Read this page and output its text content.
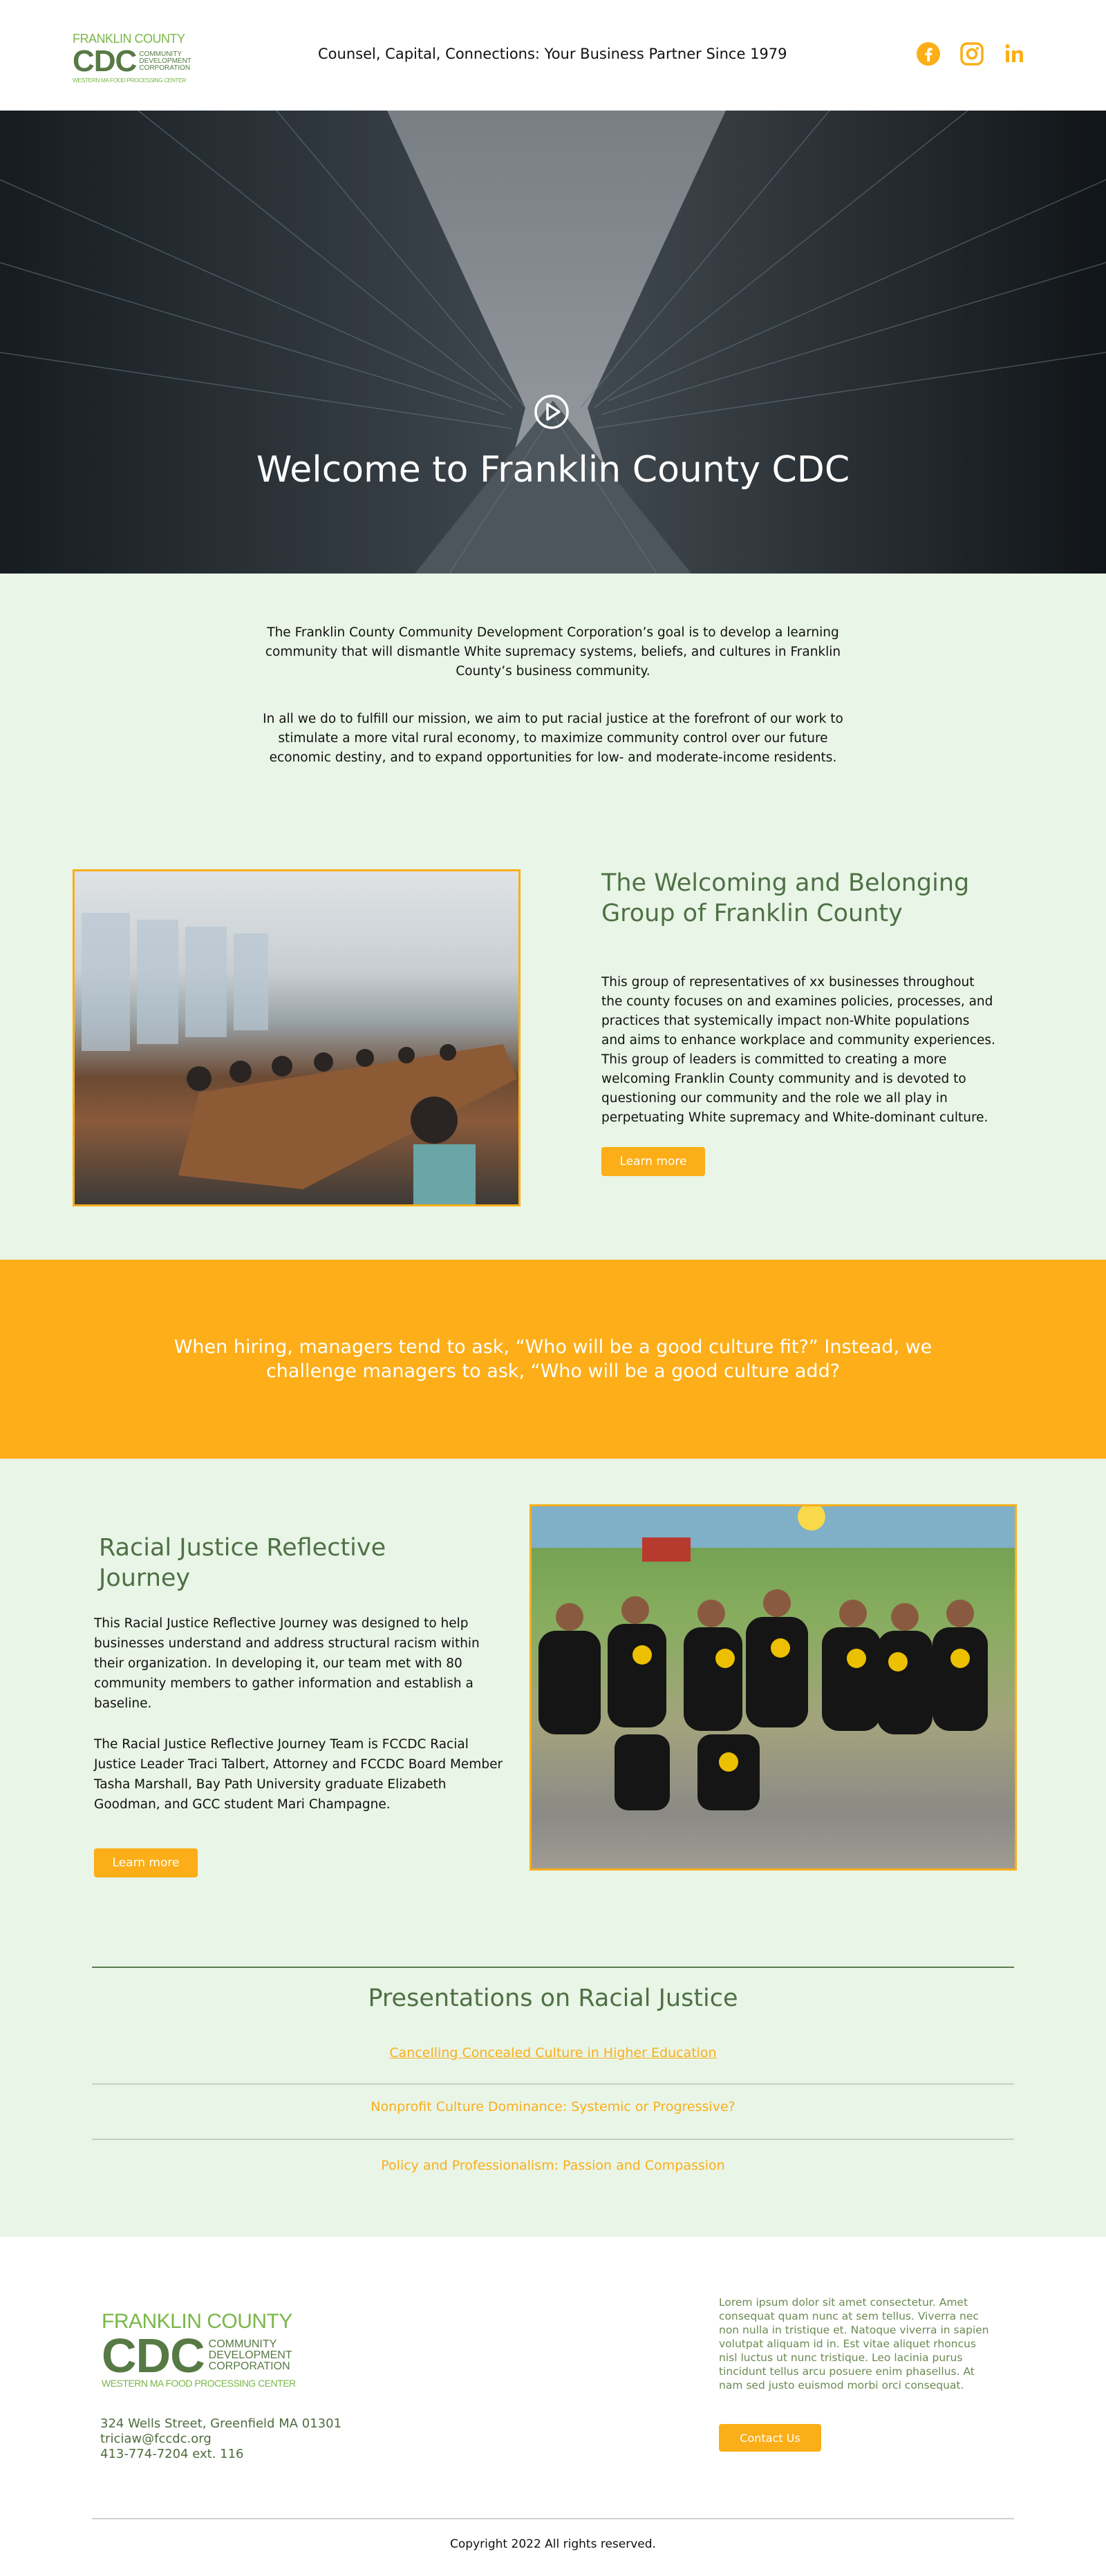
FRANKLIN COUNTY
CDC COMMUNITY
DEVELOPMENT
CORPORATION
WESTERN MA FOOD PROCESSING CENTER
Counsel, Capital, Connections: Your Business Partner Since 1979
Welcome to Franklin County CDC

The Franklin County Community Development Corporation’s goal is to develop a learning community that will dismantle White supremacy systems, beliefs, and cultures in Franklin County’s business community.

In all we do to fulfill our mission, we aim to put racial justice at the forefront of our work to stimulate a more vital rural economy, to maximize community control over our future economic destiny, and to expand opportunities for low- and moderate-income residents.

The Welcoming and Belonging Group of Franklin County

This group of representatives of xx businesses throughout the county focuses on and examines policies, processes, and practices that systemically impact non-White populations and aims to enhance workplace and community experiences. This group of leaders is committed to creating a more welcoming Franklin County community and is devoted to questioning our community and the role we all play in perpetuating White supremacy and White-dominant culture.

Learn more

When hiring, managers tend to ask, “Who will be a good culture fit?” Instead, we challenge managers to ask, “Who will be a good culture add?

Racial Justice Reflective Journey

This Racial Justice Reflective Journey was designed to help businesses understand and address structural racism within their organization. In developing it, our team met with 80 community members to gather information and establish a baseline.

The Racial Justice Reflective Journey Team is FCCDC Racial Justice Leader Traci Talbert, Attorney and FCCDC Board Member Tasha Marshall, Bay Path University graduate Elizabeth Goodman, and GCC student Mari Champagne.

Learn more
Presentations on Racial Justice
Cancelling Concealed Culture in Higher Education
Nonprofit Culture Dominance: Systemic or Progressive?
Policy and Professionalism: Passion and Compassion
FRANKLIN COUNTY
CDC COMMUNITY
DEVELOPMENT
CORPORATION
WESTERN MA FOOD PROCESSING CENTER
324 Wells Street, Greenfield MA 01301
triciaw@fccdc.org
413-774-7204 ext. 116

Lorem ipsum dolor sit amet consectetur. Amet consequat quam nunc at sem tellus. Viverra nec non nulla in tristique et. Natoque viverra in sapien volutpat aliquam id in. Est vitae aliquet rhoncus nisl luctus ut nunc tristique. Leo lacinia purus tincidunt tellus arcu posuere enim phasellus. At nam sed justo euismod morbi orci consequat.

Contact Us
Copyright 2022 All rights reserved.
